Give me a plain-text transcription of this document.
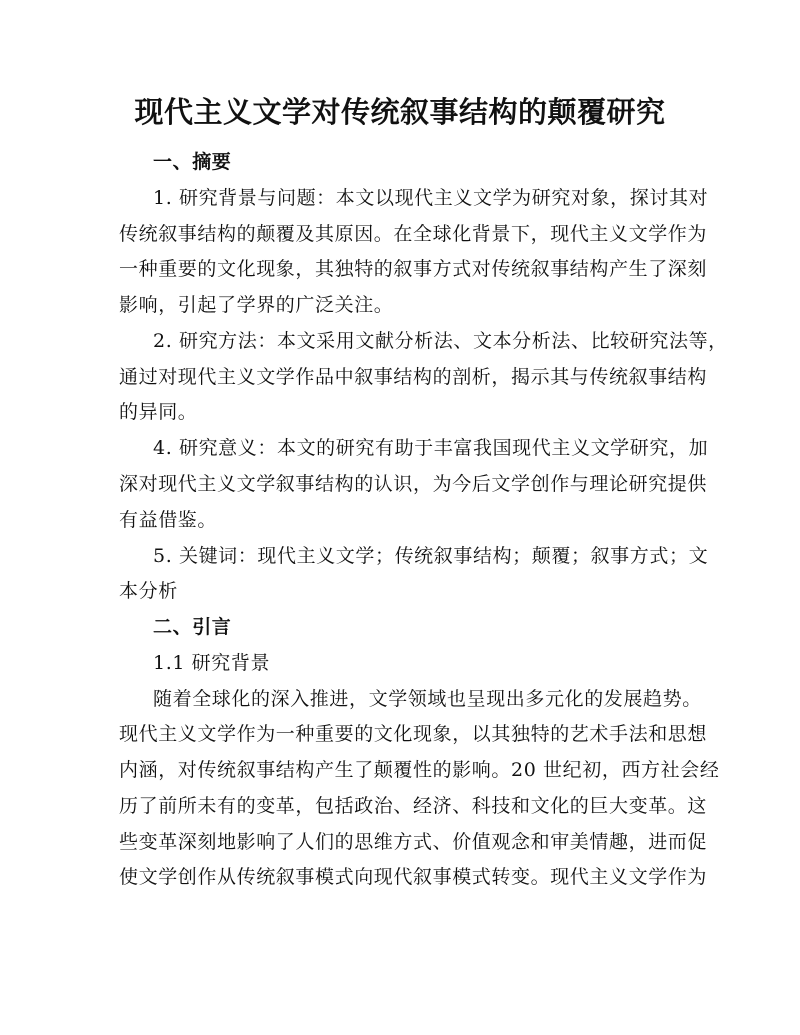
现代主义文学对传统叙事结构的颠覆研究
一、摘要
1. 研究背景与问题：本文以现代主义文学为研究对象，探讨其对
传统叙事结构的颠覆及其原因。在全球化背景下，现代主义文学作为
一种重要的文化现象，其独特的叙事方式对传统叙事结构产生了深刻
影响，引起了学界的广泛关注。
2. 研究方法：本文采用文献分析法、文本分析法、比较研究法等，
通过对现代主义文学作品中叙事结构的剖析，揭示其与传统叙事结构
的异同。
4. 研究意义：本文的研究有助于丰富我国现代主义文学研究，加
深对现代主义文学叙事结构的认识，为今后文学创作与理论研究提供
有益借鉴。
5. 关键词：现代主义文学；传统叙事结构；颠覆；叙事方式；文
本分析
二、引言
1.1 研究背景
随着全球化的深入推进，文学领域也呈现出多元化的发展趋势。
现代主义文学作为一种重要的文化现象，以其独特的艺术手法和思想
内涵，对传统叙事结构产生了颠覆性的影响。20 世纪初，西方社会经
历了前所未有的变革，包括政治、经济、科技和文化的巨大变革。这
些变革深刻地影响了人们的思维方式、价值观念和审美情趣，进而促
使文学创作从传统叙事模式向现代叙事模式转变。现代主义文学作为
